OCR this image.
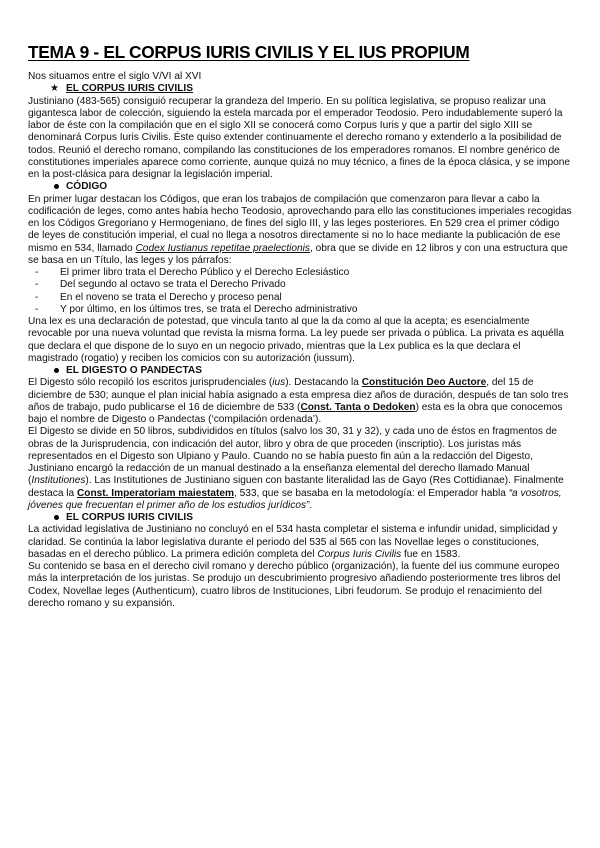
TEMA 9 - EL CORPUS IURIS CIVILIS Y EL IUS PROPIUM

Nos situamos entre el siglo V/VI al XVI

★ EL CORPUS IURIS CIVILIS

Justiniano (483-565) consiguió recuperar la grandeza del Imperio. En su política legislativa, se propuso realizar una gigantesca labor de colección, siguiendo la estela marcada por el emperador Teodosio. Pero indudablemente superó la labor de éste con la compilación que en el siglo XII se conocerá como Corpus Iuris y que a partir del siglo XIII se denominará Corpus Iuris Civilis. Éste quiso extender continuamente el derecho romano y extenderlo a la posibilidad de todos. Reunió el derecho romano, compilando las constituciones de los emperadores romanos. El nombre genérico de constitutiones imperiales aparece como corriente, aunque quizá no muy técnico, a fines de la época clásica, y se impone en la post-clásica para designar la legislación imperial.

CÓDIGO

En primer lugar destacan los Códigos, que eran los trabajos de compilación que comenzaron para llevar a cabo la codificación de leges, como antes había hecho Teodosio, aprovechando para ello las constituciones imperiales recogidas en los Códigos Gregoriano y Hermogeniano, de fines del siglo III, y las leges posteriores. En 529 crea el primer código de leyes de constitución imperial, el cual no llega a nosotros directamente si no lo hace mediante la publicación de ese mismo en 534, llamado Codex Iustianus repetitae praelectionis, obra que se divide en 12 libros y con una estructura que se basa en un Título, las leges y los párrafos:

- El primer libro trata el Derecho Público y el Derecho Eclesiástico
- Del segundo al octavo se trata el Derecho Privado
- En el noveno se trata el Derecho y proceso penal
- Y por último, en los últimos tres, se trata el Derecho administrativo

Una lex es una declaración de potestad, que vincula tanto al que la da como al que la acepta; es esencialmente revocable por una nueva voluntad que revista la misma forma. La ley puede ser privada o pública. La privata es aquélla que declara el que dispone de lo suyo en un negocio privado, mientras que la Lex publica es la que declara el magistrado (rogatio) y reciben los comicios con su autorización (iussum).

EL DIGESTO O PANDECTAS

El Digesto sólo recopiló los escritos jurisprudenciales (ius). Destacando la Constitución Deo Auctore, del 15 de diciembre de 530; aunque el plan inicial había asignado a esta empresa diez años de duración, después de tan solo tres años de trabajo, pudo publicarse el 16 de diciembre de 533 (Const. Tanta o Dedoken) esta es la obra que conocemos bajo el nombre de Digesto o Pandectas (‘compilación ordenada’).

El Digesto se divide en 50 libros, subdivididos en títulos (salvo los 30, 31 y 32), y cada uno de éstos en fragmentos de obras de la Jurisprudencia, con indicación del autor, libro y obra de que proceden (inscriptio). Los juristas más representados en el Digesto son Ulpiano y Paulo. Cuando no se había puesto fin aún a la redacción del Digesto, Justiniano encargó la redacción de un manual destinado a la enseñanza elemental del derecho llamado Manual (Institutiones). Las Institutiones de Justiniano siguen con bastante literalidad las de Gayo (Res Cottidianae). Finalmente destaca la Const. Imperatoriam maiestatem, 533, que se basaba en la metodología: el Emperador habla “a vosotros, jóvenes que frecuentan el primer año de los estudios jurídicos”.

EL CORPUS IURIS CIVILIS

La actividad legislativa de Justiniano no concluyó en el 534 hasta completar el sistema e infundir unidad, simplicidad y claridad. Se continúa la labor legislativa durante el periodo del 535 al 565 con las Novellae leges o constituciones, basadas en el derecho público. La primera edición completa del Corpus Iuris Civilis fue en 1583.

Su contenido se basa en el derecho civil romano y derecho público (organización), la fuente del ius commune europeo más la interpretación de los juristas. Se produjo un descubrimiento progresivo añadiendo posteriormente tres libros del Codex, Novellae leges (Authenticum), cuatro libros de Instituciones, Libri feudorum. Se produjo el renacimiento del derecho romano y su expansión.
